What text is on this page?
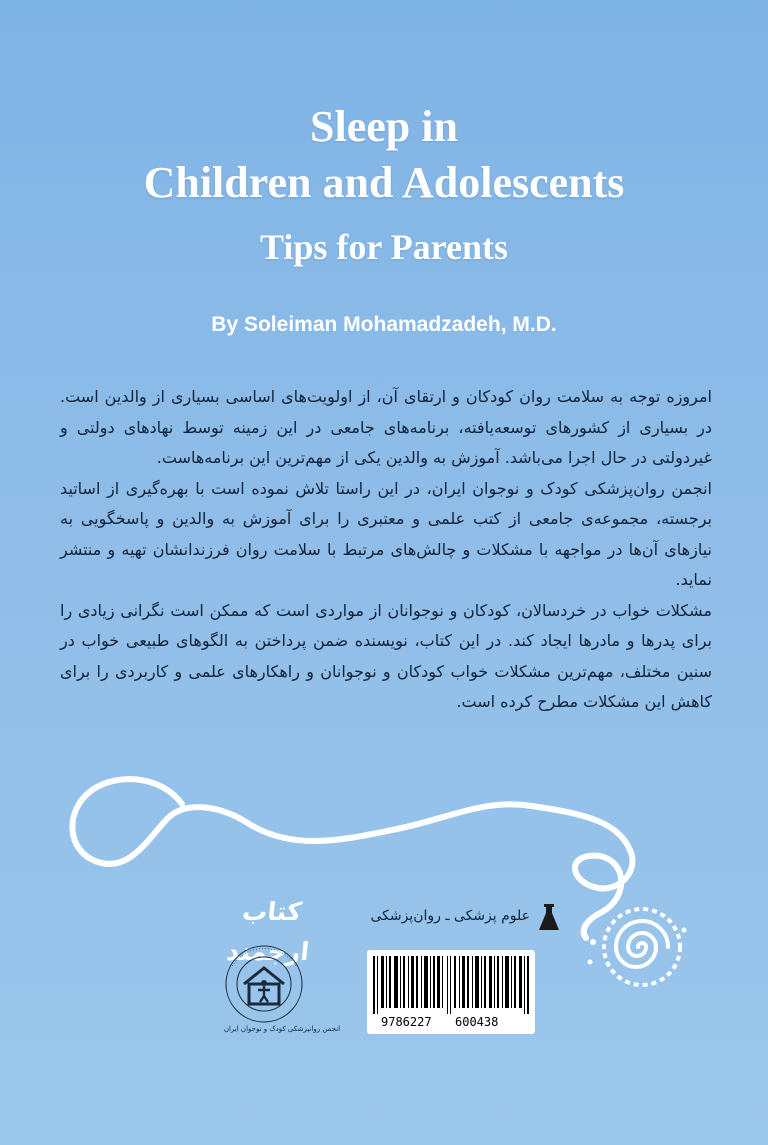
Sleep in
Children and Adolescents
Tips for Parents
By Soleiman Mohamadzadeh, M.D.

امروزه توجه به سلامت روان کودکان و ارتقای آن، از اولویت‌های اساسی بسیاری از والدین است. در بسیاری از کشورهای توسعه‌یافته، برنامه‌های جامعی در این زمینه توسط نهادهای دولتی و غیردولتی در حال اجرا می‌باشد. آموزش به والدین یکی از مهم‌ترین این برنامه‌هاست.

انجمن روان‌پزشکی کودک و نوجوان ایران، در این راستا تلاش نموده است با بهره‌گیری از اساتید برجسته، مجموعه‌ی جامعی از کتب علمی و معتبری را برای آموزش به والدین و پاسخگویی به نیازهای آن‌ها در مواجهه با مشکلات و چالش‌های مرتبط با سلامت روان فرزندانشان تهیه و منتشر نماید.

مشکلات خواب در خردسالان، کودکان و نوجوانان از مواردی است که ممکن است نگرانی زیادی را برای پدرها و مادرها ایجاد کند. در این کتاب، نویسنده ضمن پرداختن به الگوهای طبیعی خواب در سنین مختلف، مهم‌ترین مشکلات خواب کودکان و نوجوانان و راهکارهای علمی و کاربردی را برای کاهش این مشکلات مطرح کرده است.

کتاب ارجمند
علوم پزشکی ـ روان‌پزشکی
انجمن روانپزشکی کودک و نوجوان ایران	9786227 600438
